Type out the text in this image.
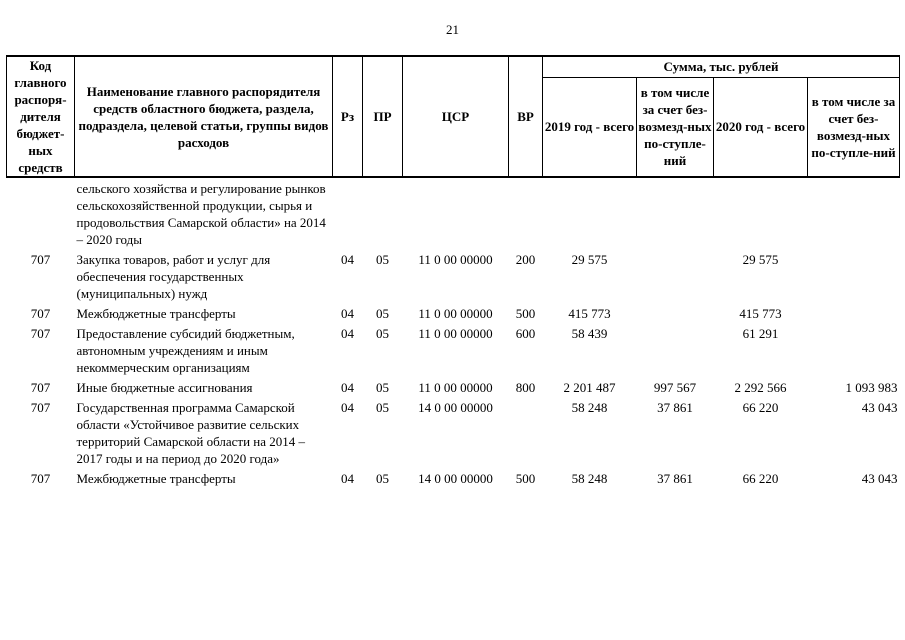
21
Код главного распоря-дителя бюджет-ных средств	Наименование главного распорядителя средств областного бюджета, раздела, подраздела, целевой статьи, группы видов расходов	Рз	ПР	ЦСР	ВР	Сумма, тыс. рублей			
						2019 год - всего	в том числе за счет без-возмезд-ных по-ступле-ний	2020 год - всего	в том числе за счет без-возмезд-ных по-ступле-ний

	сельского хозяйства и регулирование рынков сельскохозяйственной продукции, сырья и продовольствия Самарской области» на 2014 – 2020 годы								
707	Закупка товаров, работ и услуг для обеспечения государственных (муниципальных) нужд	04	05	11 0 00 00000	200	29 575		29 575	
707	Межбюджетные трансферты	04	05	11 0 00 00000	500	415 773		415 773	
707	Предоставление субсидий бюджетным, автономным учреждениям и иным некоммерческим организациям	04	05	11 0 00 00000	600	58 439		61 291	
707	Иные бюджетные ассигнования	04	05	11 0 00 00000	800	2 201 487	997 567	2 292 566	1 093 983
707	Государственная программа Самарской области «Устойчивое развитие сельских территорий Самарской области на 2014 – 2017 годы и на период до 2020 года»	04	05	14 0 00 00000		58 248	37 861	66 220	43 043
707	Межбюджетные трансферты	04	05	14 0 00 00000	500	58 248	37 861	66 220	43 043
